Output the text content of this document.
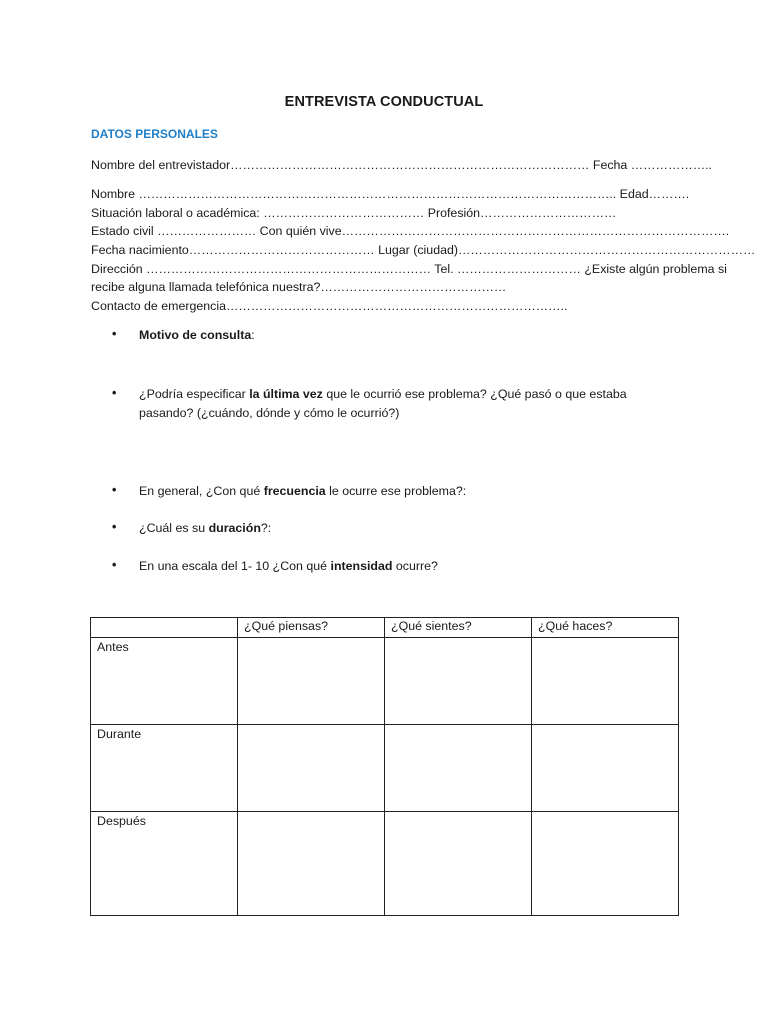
ENTREVISTA CONDUCTUAL
DATOS PERSONALES
Nombre del entrevistador…………………………………………………………………………… Fecha ………………..
Nombre …………………………………………………………………………………………………….. Edad……….
Situación laboral o académica: ………………………………… Profesión……………………………
Estado civil …………………… Con quién vive………………………………………………………………………………….
Fecha nacimiento……………………………………… Lugar (ciudad)………………………………………………………………
Dirección …………………………………………………………… Tel. ………………………… ¿Existe algún problema si
recibe alguna llamada telefónica nuestra?………………………………………
Contacto de emergencia………………………………………………………………………..
• Motivo de consulta:
• ¿Podría especificar la última vez que le ocurrió ese problema? ¿Qué pasó o que estaba
pasando? (¿cuándo, dónde y cómo le ocurrió?)
• En general, ¿Con qué frecuencia le ocurre ese problema?:
• ¿Cuál es su duración?:
• En una escala del 1- 10 ¿Con qué intensidad ocurre?
	¿Qué piensas?	¿Qué sientes?	¿Qué haces?
Antes			
Durante			
Después			
